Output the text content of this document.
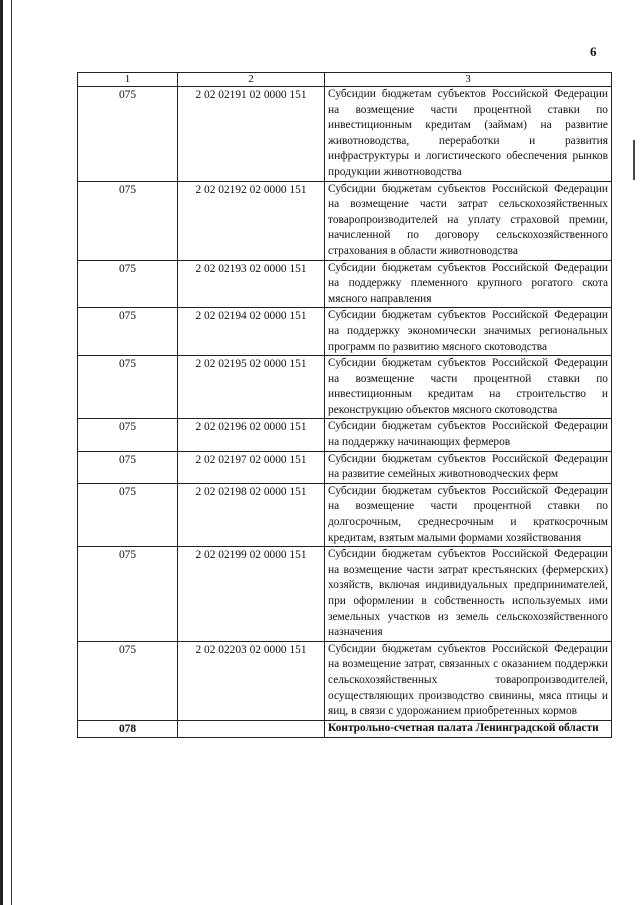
6
1	2	3
075	2 02 02191 02 0000 151	Субсидии бюджетам субъектов Российской Федерации на возмещение части процентной ставки по инвестиционным кредитам (займам) на развитие животноводства, переработки и развития инфраструктуры и логистического обеспечения рынков продукции животноводства
075	2 02 02192 02 0000 151	Субсидии бюджетам субъектов Российской Федерации на возмещение части затрат сельскохозяйственных товаропроизводителей на уплату страховой премии, начисленной по договору сельскохозяйственного страхования в области животноводства
075	2 02 02193 02 0000 151	Субсидии бюджетам субъектов Российской Федерации на поддержку племенного крупного рогатого скота мясного направления
075	2 02 02194 02 0000 151	Субсидии бюджетам субъектов Российской Федерации на поддержку экономически значимых региональных программ по развитию мясного скотоводства
075	2 02 02195 02 0000 151	Субсидии бюджетам субъектов Российской Федерации на возмещение части процентной ставки по инвестиционным кредитам на строительство и реконструкцию объектов мясного скотоводства
075	2 02 02196 02 0000 151	Субсидии бюджетам субъектов Российской Федерации на поддержку начинающих фермеров
075	2 02 02197 02 0000 151	Субсидии бюджетам субъектов Российской Федерации на развитие семейных животноводческих ферм
075	2 02 02198 02 0000 151	Субсидии бюджетам субъектов Российской Федерации на возмещение части процентной ставки по долгосрочным, среднесрочным и краткосрочным кредитам, взятым малыми формами хозяйствования
075	2 02 02199 02 0000 151	Субсидии бюджетам субъектов Российской Федерации на возмещение части затрат крестьянских (фермерских) хозяйств, включая индивидуальных предпринимателей, при оформлении в собственность используемых ими земельных участков из земель сельскохозяйственного назначения
075	2 02 02203 02 0000 151	Субсидии бюджетам субъектов Российской Федерации на возмещение затрат, связанных с оказанием поддержки сельскохозяйственных товаропроизводителей, осуществляющих производство свинины, мяса птицы и яиц, в связи с удорожанием приобретенных кормов
078		Контрольно-счетная палата Ленинградской области
